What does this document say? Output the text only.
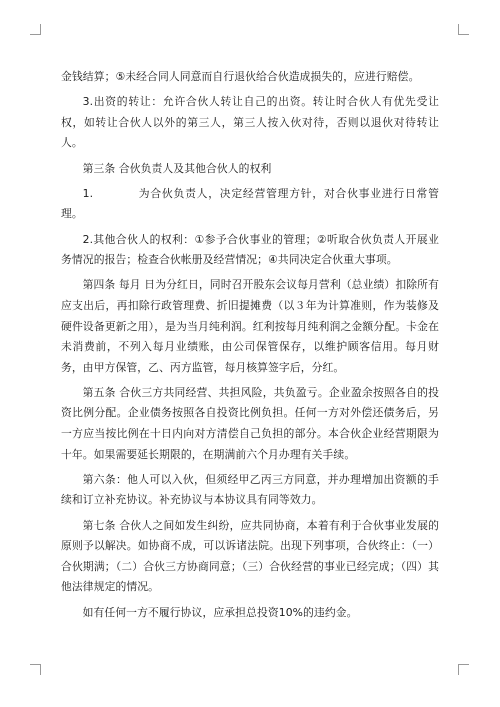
金钱结算；⑤未经合同人同意而自行退伙给合伙造成损失的，应进行赔偿。

3.出资的转让：允许合伙人转让自己的出资。转让时合伙人有优先受让权，如转让合伙人以外的第三人，第三人按入伙对待，否则以退伙对待转让人。

第三条 合伙负责人及其他合伙人的权利

1.	为合伙负责人，决定经营管理方针，对合伙事业进行日常管理。

2.其他合伙人的权利：①参予合伙事业的管理；②听取合伙负责人开展业务情况的报告；检查合伙帐册及经营情况；④共同决定合伙重大事项。

第四条 每月 日为分红日，同时召开股东会议每月营利（总业绩）扣除所有应支出后，再扣除行政管理费、折旧提摊费（以３年为计算准则，作为装修及硬件设备更新之用），是为当月纯利润。红利按每月纯利润之金额分配。卡金在未消费前，不列入每月业绩账，由公司保管保存，以维护顾客信用。每月财务，由甲方保管，乙、丙方监管，每月核算签字后，分红。

第五条 合伙三方共同经营、共担风险，共负盈亏。企业盈余按照各自的投资比例分配。企业债务按照各自投资比例负担。任何一方对外偿还债务后，另一方应当按比例在十日内向对方清偿自己负担的部分。本合伙企业经营期限为十年。如果需要延长期限的，在期满前六个月办理有关手续。

第六条：他人可以入伙，但须经甲乙丙三方同意，并办理增加出资额的手续和订立补充协议。补充协议与本协议具有同等效力。

第七条 合伙人之间如发生纠纷，应共同协商，本着有利于合伙事业发展的原则予以解决。如协商不成，可以诉诸法院。出现下列事项，合伙终止：（一）合伙期满；（二）合伙三方协商同意；（三）合伙经营的事业已经完成；（四）其他法律规定的情况。

如有任何一方不履行协议，应承担总投资10%的违约金。
